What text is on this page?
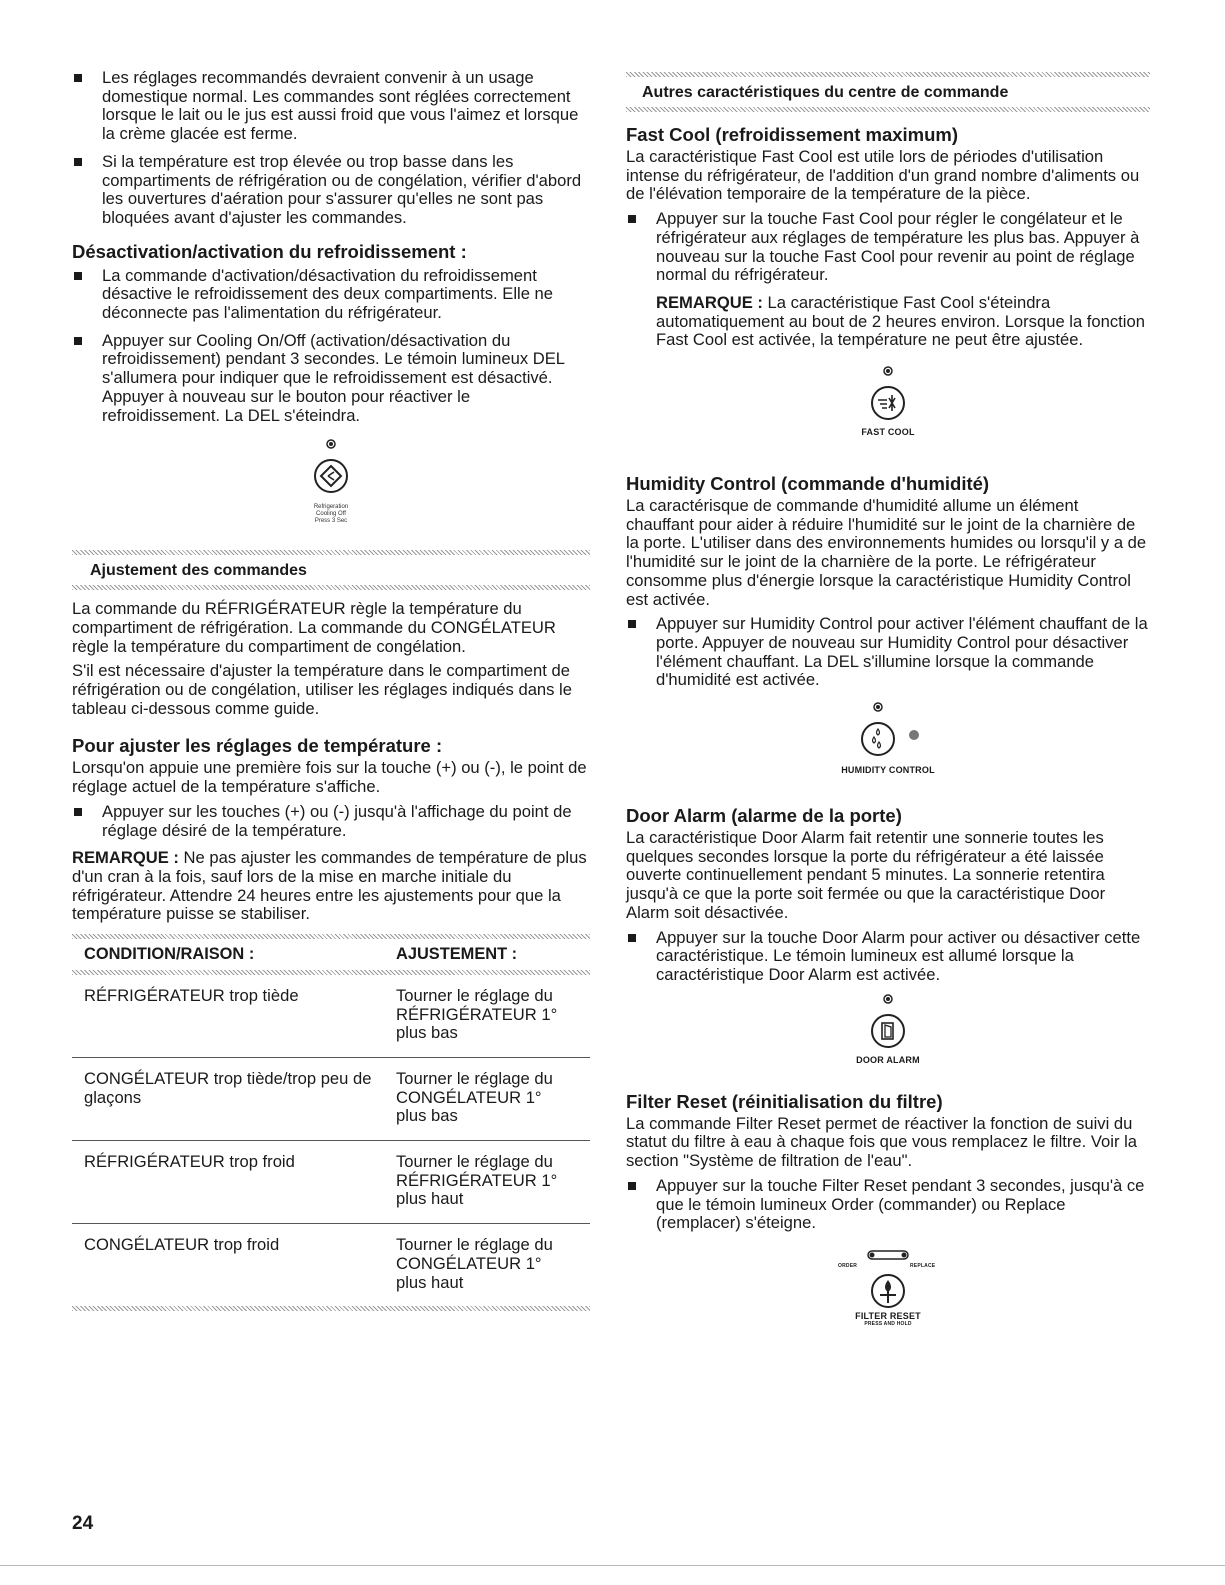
Les réglages recommandés devraient convenir à un usage domestique normal. Les commandes sont réglées correctement lorsque le lait ou le jus est aussi froid que vous l'aimez et lorsque la crème glacée est ferme.
Si la température est trop élevée ou trop basse dans les compartiments de réfrigération ou de congélation, vérifier d'abord les ouvertures d'aération pour s'assurer qu'elles ne sont pas bloquées avant d'ajuster les commandes.
Désactivation/activation du refroidissement :
La commande d'activation/désactivation du refroidissement désactive le refroidissement des deux compartiments. Elle ne déconnecte pas l'alimentation du réfrigérateur.
Appuyer sur Cooling On/Off (activation/désactivation du refroidissement) pendant 3 secondes. Le témoin lumineux DEL s'allumera pour indiquer que le refroidissement est désactivé. Appuyer à nouveau sur le bouton pour réactiver le refroidissement. La DEL s'éteindra.
Refrigeration
Cooling Off
Press 3 Sec
Ajustement des commandes

La commande du RÉFRIGÉRATEUR règle la température du compartiment de réfrigération. La commande du CONGÉLATEUR règle la température du compartiment de congélation.

S'il est nécessaire d'ajuster la température dans le compartiment de réfrigération ou de congélation, utiliser les réglages indiqués dans le tableau ci-dessous comme guide.

Pour ajuster les réglages de température :

Lorsqu'on appuie une première fois sur la touche (+) ou (-), le point de réglage actuel de la température s'affiche.

Appuyer sur les touches (+) ou (-) jusqu'à l'affichage du point de réglage désiré de la température.

REMARQUE : Ne pas ajuster les commandes de température de plus d'un cran à la fois, sauf lors de la mise en marche initiale du réfrigérateur. Attendre 24 heures entre les ajustements pour que la température puisse se stabiliser.

CONDITION/RAISON :	AJUSTEMENT :
RÉFRIGÉRATEUR trop tiède	Tourner le réglage du RÉFRIGÉRATEUR 1° plus bas
CONGÉLATEUR trop tiède/trop peu de glaçons	Tourner le réglage du CONGÉLATEUR 1° plus bas
RÉFRIGÉRATEUR trop froid	Tourner le réglage du RÉFRIGÉRATEUR 1° plus haut
CONGÉLATEUR trop froid	Tourner le réglage du CONGÉLATEUR 1° plus haut
Autres caractéristiques du centre de commande
Fast Cool (refroidissement maximum)

La caractéristique Fast Cool est utile lors de périodes d'utilisation intense du réfrigérateur, de l'addition d'un grand nombre d'aliments ou de l'élévation temporaire de la température de la pièce.

Appuyer sur la touche Fast Cool pour régler le congélateur et le réfrigérateur aux réglages de température les plus bas. Appuyer à nouveau sur la touche Fast Cool pour revenir au point de réglage normal du réfrigérateur.

REMARQUE : La caractéristique Fast Cool s'éteindra automatiquement au bout de 2 heures environ. Lorsque la fonction Fast Cool est activée, la température ne peut être ajustée.

FAST COOL
Humidity Control (commande d'humidité)

La caractérisque de commande d'humidité allume un élément chauffant pour aider à réduire l'humidité sur le joint de la charnière de la porte. L'utiliser dans des environnements humides ou lorsqu'il y a de l'humidité sur le joint de la charnière de la porte. Le réfrigérateur consomme plus d'énergie lorsque la caractéristique Humidity Control est activée.

Appuyer sur Humidity Control pour activer l'élément chauffant de la porte. Appuyer de nouveau sur Humidity Control pour désactiver l'élément chauffant. La DEL s'illumine lorsque la commande d'humidité est activée.
HUMIDITY CONTROL
Door Alarm (alarme de la porte)

La caractéristique Door Alarm fait retentir une sonnerie toutes les quelques secondes lorsque la porte du réfrigérateur a été laissée ouverte continuellement pendant 5 minutes. La sonnerie retentira jusqu'à ce que la porte soit fermée ou que la caractéristique Door Alarm soit désactivée.

Appuyer sur la touche Door Alarm pour activer ou désactiver cette caractéristique. Le témoin lumineux est allumé lorsque la caractéristique Door Alarm est activée.
DOOR ALARM
Filter Reset (réinitialisation du filtre)

La commande Filter Reset permet de réactiver la fonction de suivi du statut du filtre à eau à chaque fois que vous remplacez le filtre. Voir la section "Système de filtration de l'eau".

Appuyer sur la touche Filter Reset pendant 3 secondes, jusqu'à ce que le témoin lumineux Order (commander) ou Replace (remplacer) s'éteigne.
ORDER	REPLACE
FILTER RESET
PRESS AND HOLD
24
